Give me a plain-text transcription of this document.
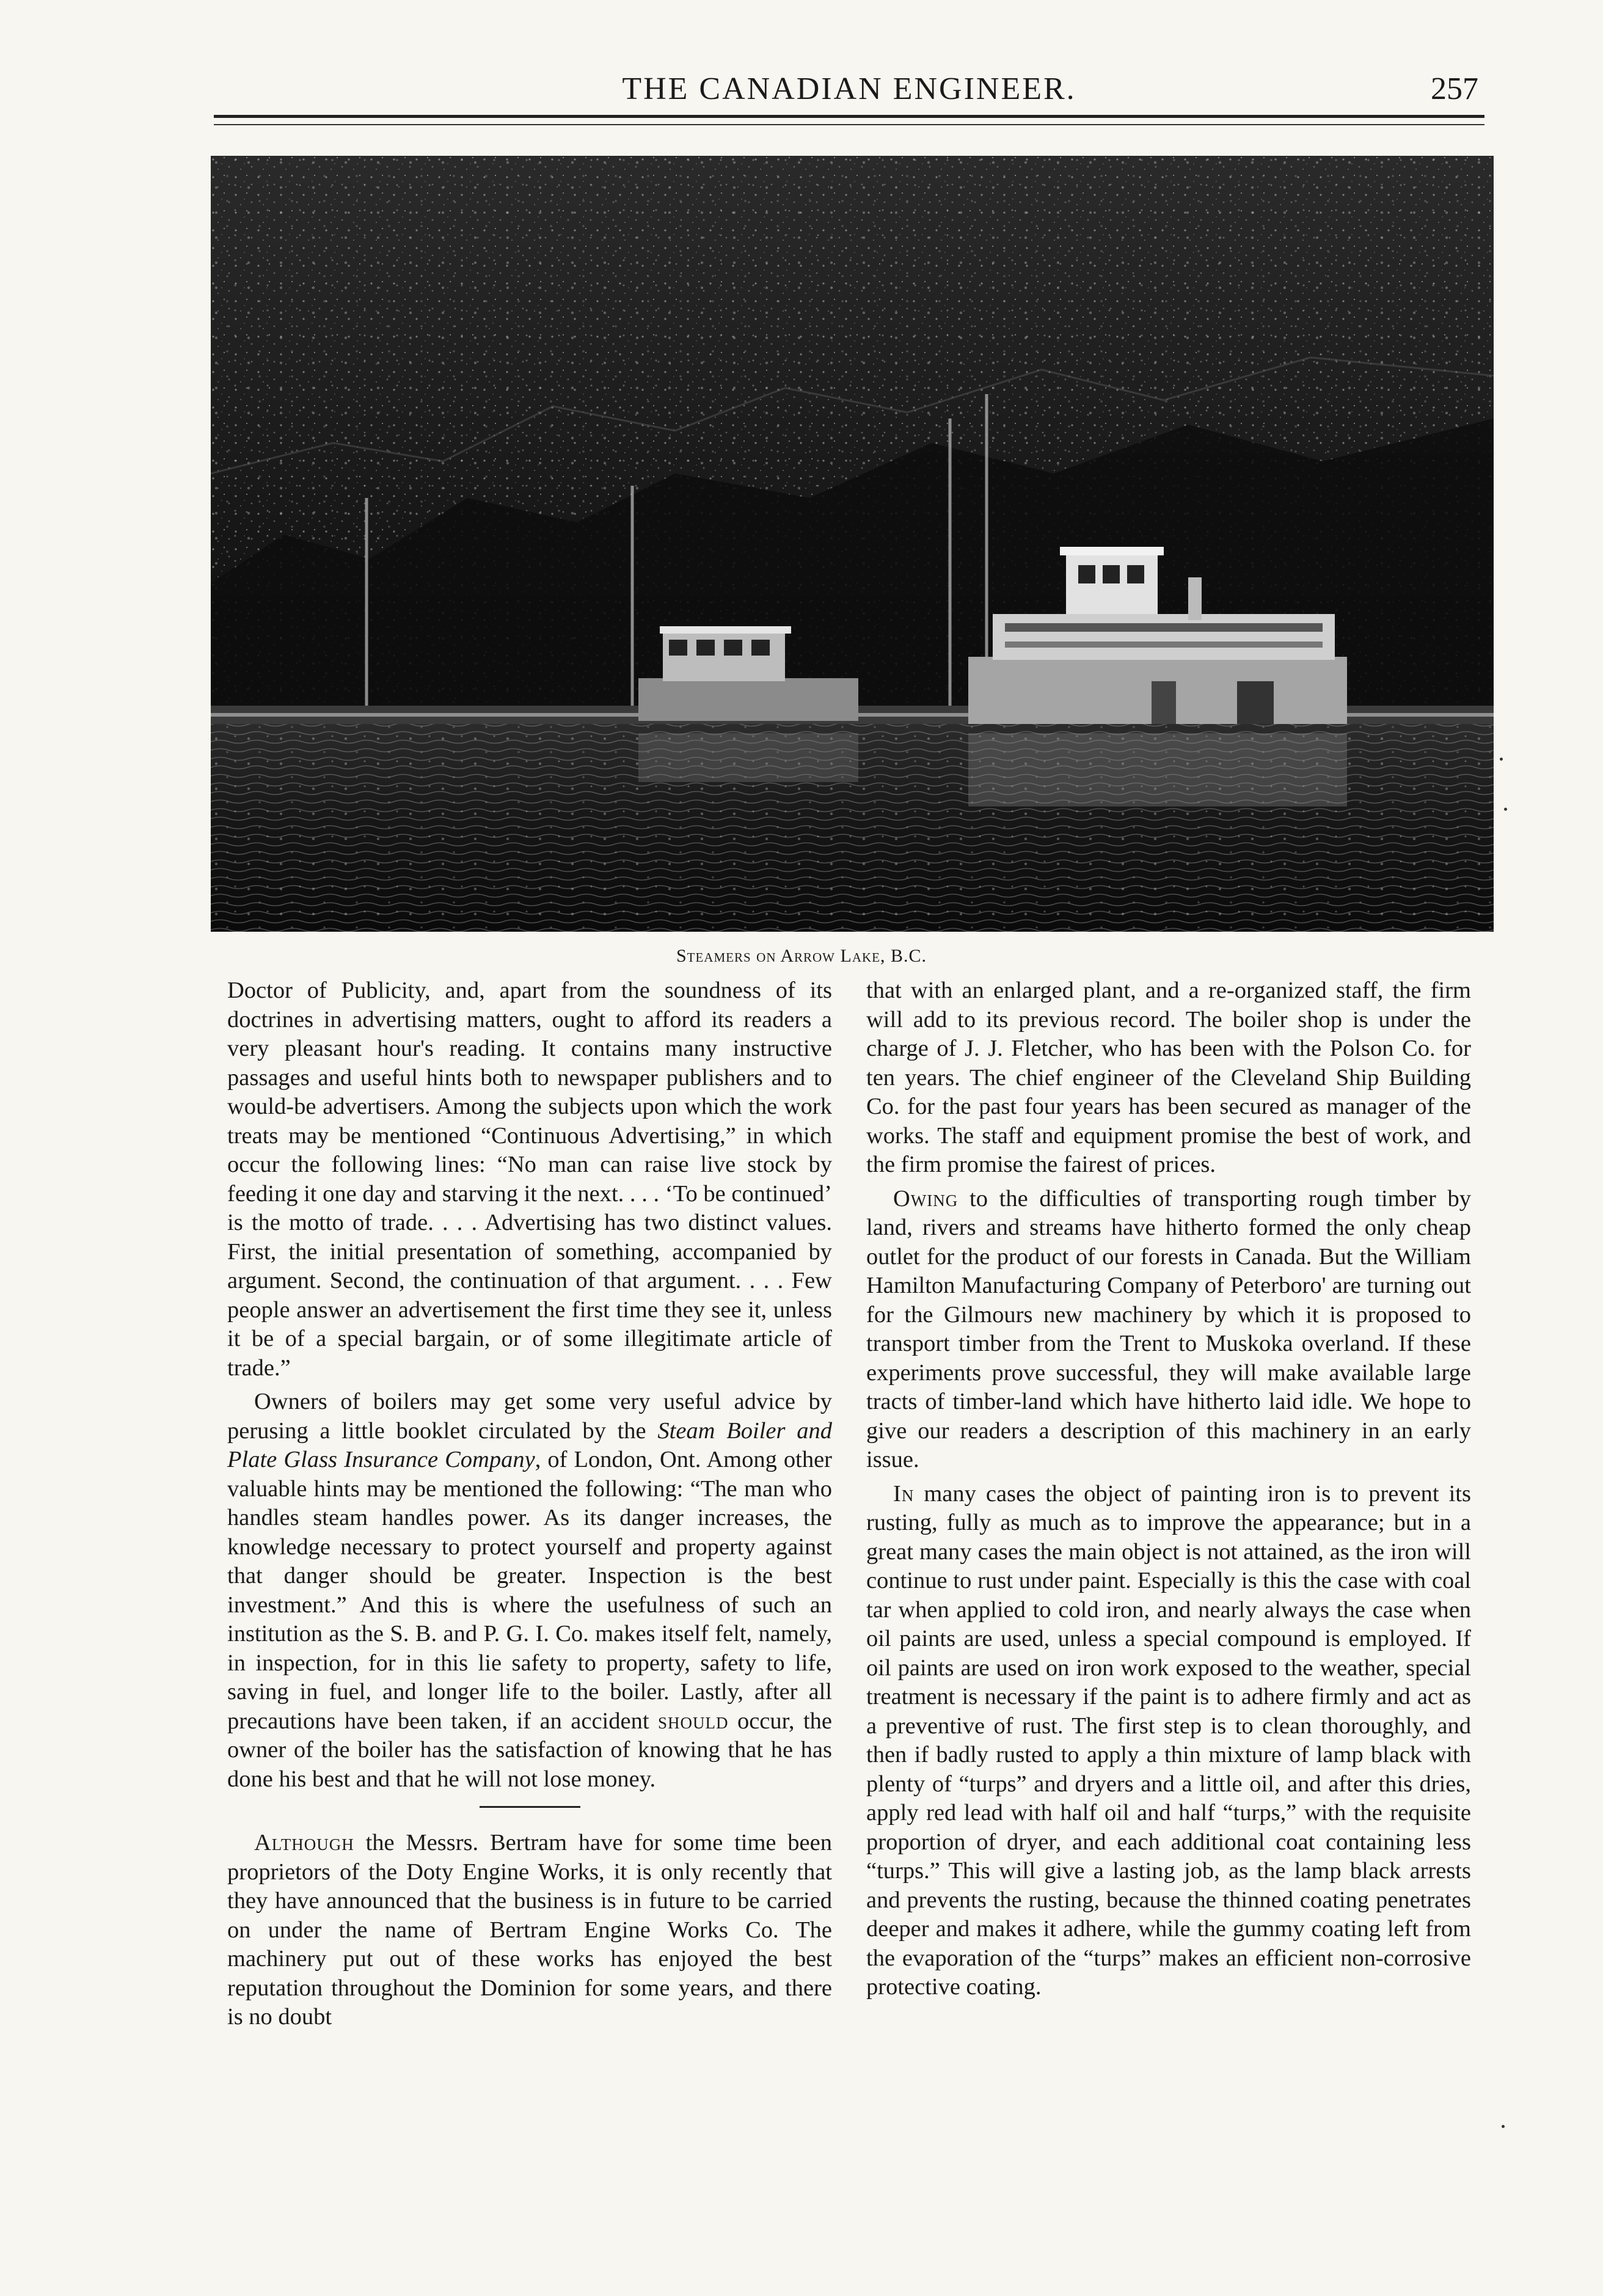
THE CANADIAN ENGINEER.	257
Steamers on Arrow Lake, B.C.

Doctor of Publicity, and, apart from the soundness of its doctrines in advertising matters, ought to afford its readers a very pleasant hour's reading. It contains many instructive passages and useful hints both to newspaper publishers and to would-be advertisers. Among the subjects upon which the work treats may be mentioned “Continuous Advertising,” in which occur the following lines: “No man can raise live stock by feeding it one day and starving it the next. . . . ‘To be continued’ is the motto of trade. . . . Advertising has two distinct values. First, the initial presentation of something, accompanied by argument. Second, the continuation of that argument. . . . Few people answer an advertisement the first time they see it, unless it be of a special bargain, or of some illegitimate article of trade.”

Owners of boilers may get some very useful advice by perusing a little booklet circulated by the Steam Boiler and Plate Glass Insurance Company, of London, Ont. Among other valuable hints may be mentioned the following: “The man who handles steam handles power. As its danger increases, the knowledge necessary to protect yourself and property against that danger should be greater. Inspection is the best investment.” And this is where the usefulness of such an institution as the S. B. and P. G. I. Co. makes itself felt, namely, in inspection, for in this lie safety to property, safety to life, saving in fuel, and longer life to the boiler. Lastly, after all precautions have been taken, if an accident should occur, the owner of the boiler has the satisfaction of knowing that he has done his best and that he will not lose money.

Although the Messrs. Bertram have for some time been proprietors of the Doty Engine Works, it is only recently that they have announced that the business is in future to be carried on under the name of Bertram Engine Works Co. The machinery put out of these works has enjoyed the best reputation throughout the Dominion for some years, and there is no doubt

that with an enlarged plant, and a re-organized staff, the firm will add to its previous record. The boiler shop is under the charge of J. J. Fletcher, who has been with the Polson Co. for ten years. The chief engineer of the Cleveland Ship Building Co. for the past four years has been secured as manager of the works. The staff and equipment promise the best of work, and the firm promise the fairest of prices.

Owing to the difficulties of transporting rough timber by land, rivers and streams have hitherto formed the only cheap outlet for the product of our forests in Canada. But the William Hamilton Manufacturing Company of Peterboro' are turning out for the Gilmours new machinery by which it is proposed to transport timber from the Trent to Muskoka overland. If these experiments prove successful, they will make available large tracts of timber-land which have hitherto laid idle. We hope to give our readers a description of this machinery in an early issue.

In many cases the object of painting iron is to prevent its rusting, fully as much as to improve the appearance; but in a great many cases the main object is not attained, as the iron will continue to rust under paint. Especially is this the case with coal tar when applied to cold iron, and nearly always the case when oil paints are used, unless a special compound is employed. If oil paints are used on iron work exposed to the weather, special treatment is necessary if the paint is to adhere firmly and act as a preventive of rust. The first step is to clean thoroughly, and then if badly rusted to apply a thin mixture of lamp black with plenty of “turps” and dryers and a little oil, and after this dries, apply red lead with half oil and half “turps,” with the requisite proportion of dryer, and each additional coat containing less “turps.” This will give a lasting job, as the lamp black arrests and prevents the rusting, because the thinned coating penetrates deeper and makes it adhere, while the gummy coating left from the evaporation of the “turps” makes an efficient non-corrosive protective coating.
